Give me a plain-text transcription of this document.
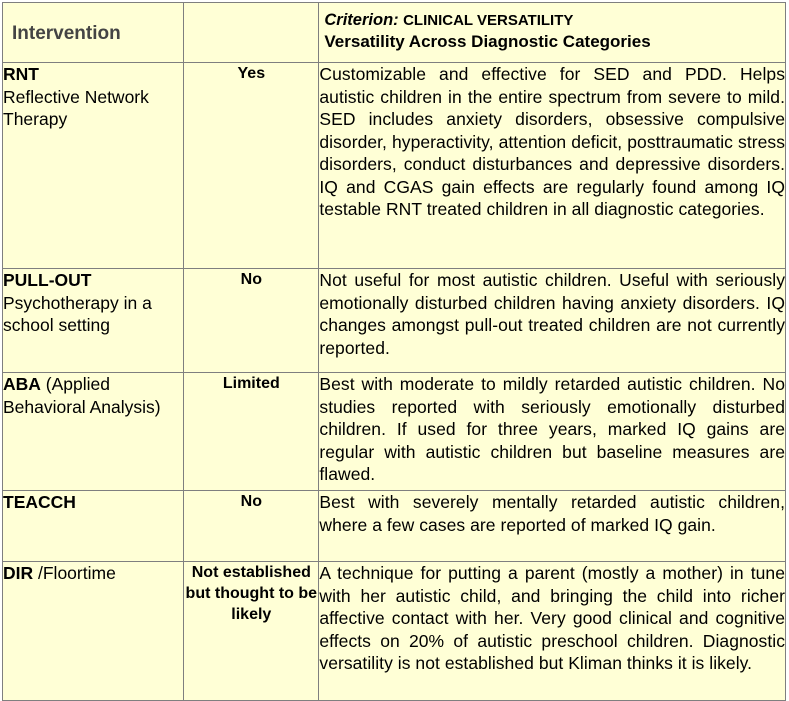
Intervention		Criterion: CLINICAL VERSATILITY
Versatility Across Diagnostic Categories

RNT
Reflective Network Therapy	Yes	Customizable and effective for SED and PDD. Helps autistic children in the entire spectrum from severe to mild. SED includes anxiety disorders, obsessive compulsive disorder, hyperactivity, attention deficit, posttraumatic stress disorders, conduct disturbances and depressive disorders. IQ and CGAS gain effects are regularly found among IQ testable RNT treated children in all diagnostic categories.
PULL-OUT
Psychotherapy in a school setting	No	Not useful for most autistic children. Useful with seriously emotionally disturbed children having anxiety disorders. IQ changes amongst pull-out treated children are not currently reported.
ABA (Applied Behavioral Analysis)	Limited	Best with moderate to mildly retarded autistic children. No studies reported with seriously emotionally disturbed children. If used for three years, marked IQ gains are regular with autistic children but baseline measures are flawed.
TEACCH	No	Best with severely mentally retarded autistic children, where a few cases are reported of marked IQ gain.
DIR /Floortime	Not established but thought to be likely	A technique for putting a parent (mostly a mother) in tune with her autistic child, and bringing the child into richer affective contact with her. Very good clinical and cognitive effects on 20% of autistic preschool children. Diagnostic versatility is not established but Kliman thinks it is likely.
